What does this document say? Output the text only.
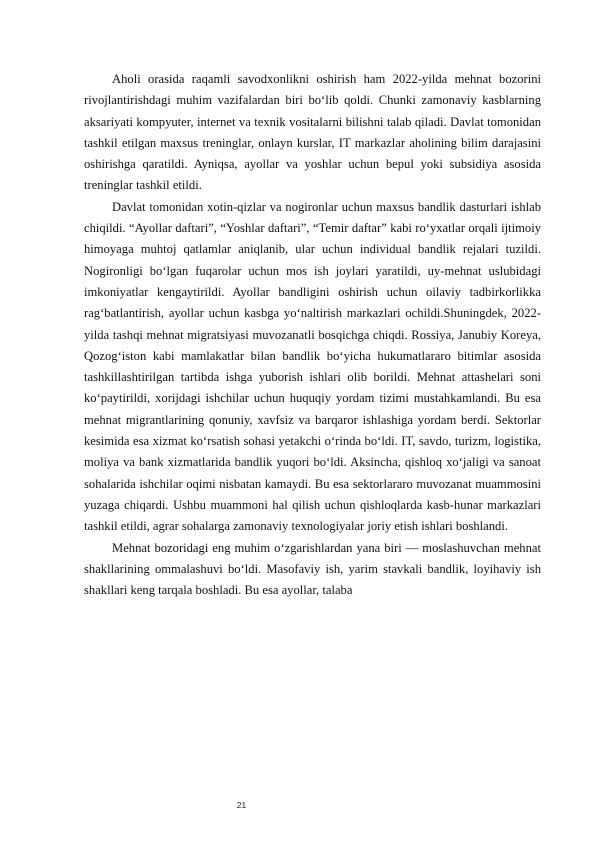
Aholi orasida raqamli savodxonlikni oshirish ham 2022-yilda mehnat bozorini rivojlantirishdagi muhim vazifalardan biri bo‘lib qoldi. Chunki zamonaviy kasblarning aksariyati kompyuter, internet va texnik vositalarni bilishni talab qiladi. Davlat tomonidan tashkil etilgan maxsus treninglar, onlayn kurslar, IT markazlar aholining bilim darajasini oshirishga qaratildi. Ayniqsa, ayollar va yoshlar uchun bepul yoki subsidiya asosida treninglar tashkil etildi.

Davlat tomonidan xotin-qizlar va nogironlar uchun maxsus bandlik dasturlari ishlab chiqildi. “Ayollar daftari”, “Yoshlar daftari”, “Temir daftar” kabi ro‘yxatlar orqali ijtimoiy himoyaga muhtoj qatlamlar aniqlanib, ular uchun individual bandlik rejalari tuzildi. Nogironligi bo‘lgan fuqarolar uchun mos ish joylari yaratildi, uy-mehnat uslubidagi imkoniyatlar kengaytirildi. Ayollar bandligini oshirish uchun oilaviy tadbirkorlikka rag‘batlantirish, ayollar uchun kasbga yo‘naltirish markazlari ochildi.Shuningdek, 2022-yilda tashqi mehnat migratsiyasi muvozanatli bosqichga chiqdi. Rossiya, Janubiy Koreya, Qozog‘iston kabi mamlakatlar bilan bandlik bo‘yicha hukumatlararo bitimlar asosida tashkillashtirilgan tartibda ishga yuborish ishlari olib borildi. Mehnat attashelari soni ko‘paytirildi, xorijdagi ishchilar uchun huquqiy yordam tizimi mustahkamlandi. Bu esa mehnat migrantlarining qonuniy, xavfsiz va barqaror ishlashiga yordam berdi. Sektorlar kesimida esa xizmat ko‘rsatish sohasi yetakchi o‘rinda bo‘ldi. IT, savdo, turizm, logistika, moliya va bank xizmatlarida bandlik yuqori bo‘ldi. Aksincha, qishloq xo‘jaligi va sanoat sohalarida ishchilar oqimi nisbatan kamaydi. Bu esa sektorlararo muvozanat muammosini yuzaga chiqardi. Ushbu muammoni hal qilish uchun qishloqlarda kasb-hunar markazlari tashkil etildi, agrar sohalarga zamonaviy texnologiyalar joriy etish ishlari boshlandi.

Mehnat bozoridagi eng muhim o‘zgarishlardan yana biri — moslashuvchan mehnat shakllarining ommalashuvi bo‘ldi. Masofaviy ish, yarim stavkali bandlik, loyihaviy ish shakllari keng tarqala boshladi. Bu esa ayollar, talaba

21
